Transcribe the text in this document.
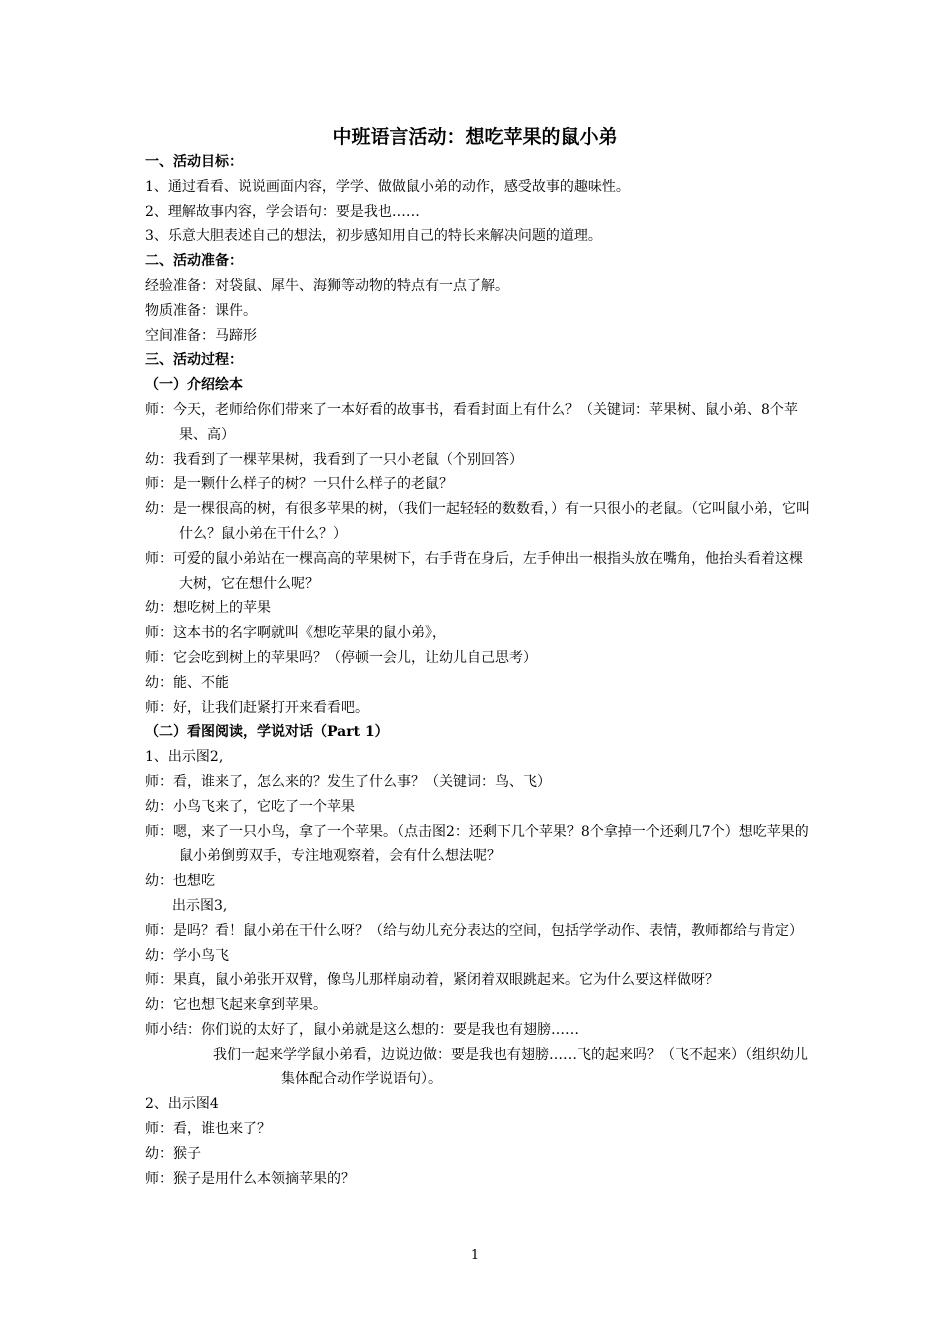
中班语言活动：想吃苹果的鼠小弟
一、活动目标：
1、通过看看、说说画面内容，学学、做做鼠小弟的动作，感受故事的趣味性。
2、理解故事内容，学会语句：要是我也……
3、乐意大胆表述自己的想法，初步感知用自己的特长来解决问题的道理。
二、活动准备：
经验准备：对袋鼠、犀牛、海狮等动物的特点有一点了解。
物质准备：课件。
空间准备：马蹄形
三、活动过程：
（一）介绍绘本
师：今天，老师给你们带来了一本好看的故事书，看看封面上有什么？（关键词：苹果树、鼠小弟、8个苹果、高）
幼：我看到了一棵苹果树，我看到了一只小老鼠（个别回答）
师：是一颗什么样子的树？一只什么样子的老鼠？
幼：是一棵很高的树，有很多苹果的树，（我们一起轻轻的数数看，）有一只很小的老鼠。（它叫鼠小弟，它叫什么？鼠小弟在干什么？）
师：可爱的鼠小弟站在一棵高高的苹果树下，右手背在身后，左手伸出一根指头放在嘴角，他抬头看着这棵大树，它在想什么呢？
幼：想吃树上的苹果
师：这本书的名字啊就叫《想吃苹果的鼠小弟》，
师：它会吃到树上的苹果吗？（停顿一会儿，让幼儿自己思考）
幼：能、不能
师：好，让我们赶紧打开来看看吧。
（二）看图阅读，学说对话（Part 1）
1、出示图2,
师：看，谁来了，怎么来的？发生了什么事？（关键词：鸟、飞）
幼：小鸟飞来了，它吃了一个苹果
师：嗯，来了一只小鸟，拿了一个苹果。（点击图2：还剩下几个苹果？8个拿掉一个还剩几7个）想吃苹果的鼠小弟倒剪双手，专注地观察着，会有什么想法呢？
幼：也想吃
出示图3,
师：是吗？看！鼠小弟在干什么呀？（给与幼儿充分表达的空间，包括学学动作、表情，教师都给与肯定）
幼：学小鸟飞
师：果真，鼠小弟张开双臂，像鸟儿那样扇动着，紧闭着双眼跳起来。它为什么要这样做呀？
幼：它也想飞起来拿到苹果。
师小结：你们说的太好了，鼠小弟就是这么想的：要是我也有翅膀……
我们一起来学学鼠小弟看，边说边做：要是我也有翅膀……飞的起来吗？（飞不起来）（组织幼儿集体配合动作学说语句）。
2、出示图4
师：看，谁也来了？
幼：猴子
师：猴子是用什么本领摘苹果的？
1
